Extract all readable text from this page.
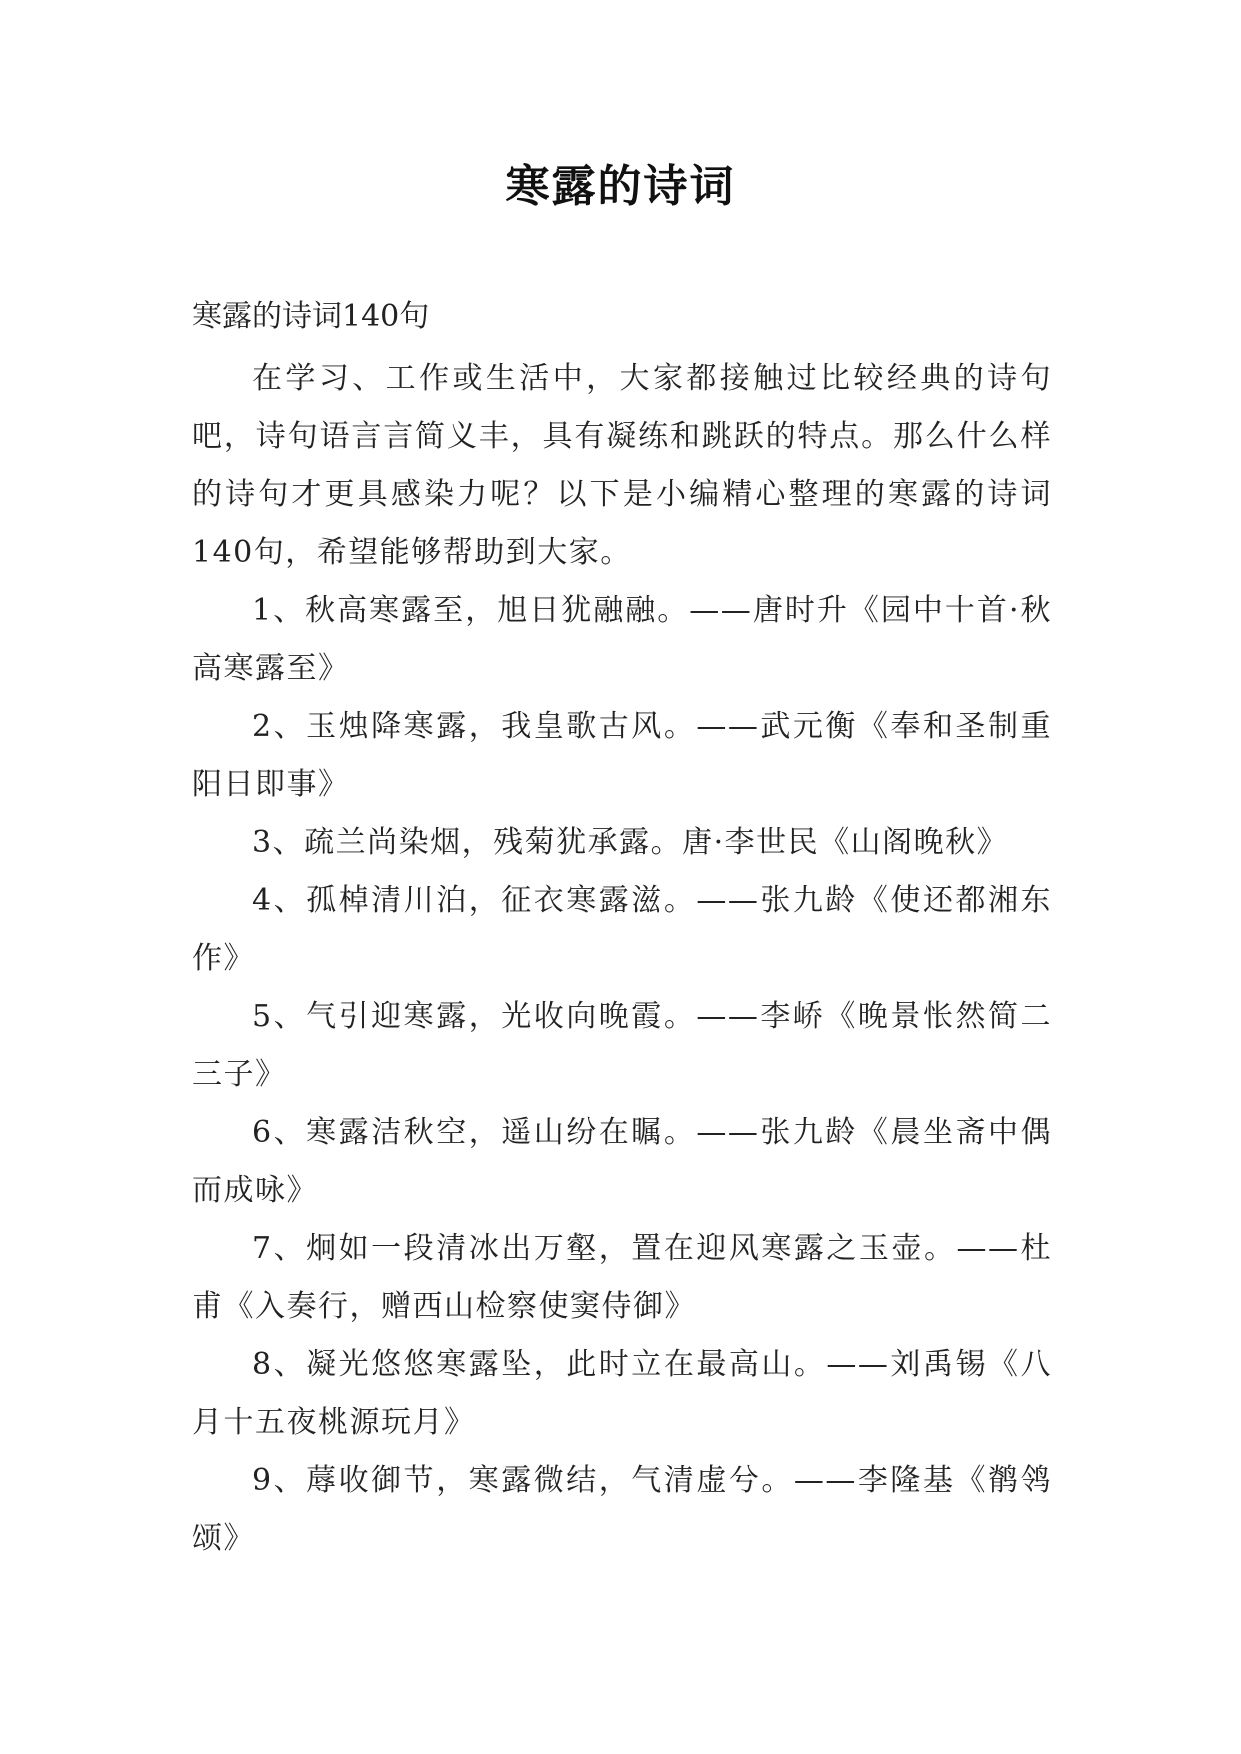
寒露的诗词
寒露的诗词140句

在学习、工作或生活中，大家都接触过比较经典的诗句吧，诗句语言言简义丰，具有凝练和跳跃的特点。那么什么样的诗句才更具感染力呢？以下是小编精心整理的寒露的诗词140句，希望能够帮助到大家。

1、秋高寒露至，旭日犹融融。——唐时升《园中十首·秋高寒露至》

2、玉烛降寒露，我皇歌古风。——武元衡《奉和圣制重阳日即事》

3、疏兰尚染烟，残菊犹承露。唐·李世民《山阁晚秋》

4、孤棹清川泊，征衣寒露滋。——张九龄《使还都湘东作》

5、气引迎寒露，光收向晚霞。——李峤《晚景怅然简二三子》

6、寒露洁秋空，遥山纷在瞩。——张九龄《晨坐斋中偶而成咏》

7、炯如一段清冰出万壑，置在迎风寒露之玉壶。——杜甫《入奏行，赠西山检察使窦侍御》

8、凝光悠悠寒露坠，此时立在最高山。——刘禹锡《八月十五夜桃源玩月》

9、蓐收御节，寒露微结，气清虚兮。——李隆基《鹡鸰颂》
